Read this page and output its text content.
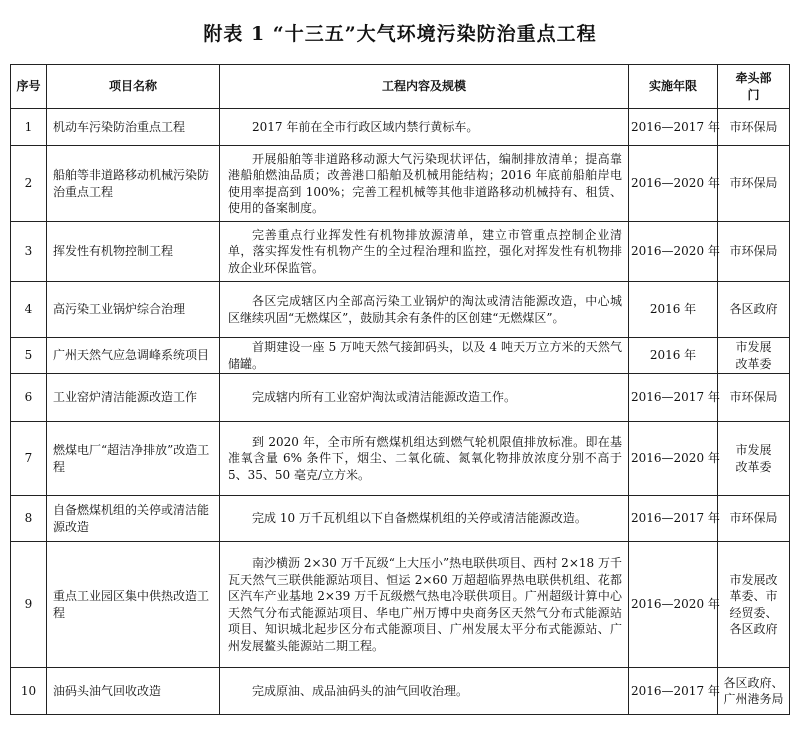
附表 1 “十三五”大气环境污染防治重点工程
序号	项目名称	工程内容及规模	实施年限	牵头部门
1	机动车污染防治重点工程	2017 年前在全市行政区域内禁行黄标车。	2016—2017 年	市环保局
2	船舶等非道路移动机械污染防治重点工程	开展船舶等非道路移动源大气污染现状评估，编制排放清单；提高靠港船舶燃油品质；改善港口船舶及机械用能结构；2016 年底前船舶岸电使用率提高到 100%；完善工程机械等其他非道路移动机械持有、租赁、使用的备案制度。	2016—2020 年	市环保局
3	挥发性有机物控制工程	完善重点行业挥发性有机物排放源清单，建立市管重点控制企业清单，落实挥发性有机物产生的全过程治理和监控，强化对挥发性有机物排放企业环保监管。	2016—2020 年	市环保局
4	高污染工业锅炉综合治理	各区完成辖区内全部高污染工业锅炉的淘汰或清洁能源改造，中心城区继续巩固“无燃煤区”，鼓励其余有条件的区创建“无燃煤区”。	2016 年	各区政府
5	广州天然气应急调峰系统项目	首期建设一座 5 万吨天然气接卸码头，以及 4 吨天万立方米的天然气储罐。	2016 年	市发展改革委
6	工业窑炉清洁能源改造工作	完成辖内所有工业窑炉淘汰或清洁能源改造工作。	2016—2017 年	市环保局
7	燃煤电厂“超洁净排放”改造工程	到 2020 年，全市所有燃煤机组达到燃气轮机限值排放标准。即在基准氧含量 6% 条件下，烟尘、二氧化硫、氮氧化物排放浓度分别不高于 5、35、50 毫克/立方米。	2016—2020 年	市发展改革委
8	自备燃煤机组的关停或清洁能源改造	完成 10 万千瓦机组以下自备燃煤机组的关停或清洁能源改造。	2016—2017 年	市环保局
9	重点工业园区集中供热改造工程	南沙横沥 2×30 万千瓦级“上大压小”热电联供项目、西村 2×18 万千瓦天然气三联供能源站项目、恒运 2×60 万超超临界热电联供机组、花都区汽车产业基地 2×39 万千瓦级燃气热电冷联供项目。广州超级计算中心天然气分布式能源站项目、华电广州万博中央商务区天然气分布式能源站项目、知识城北起步区分布式能源项目、广州发展太平分布式能源站、广州发展鳌头能源站二期工程。	2016—2020 年	市发展改革委、市经贸委、各区政府
10	油码头油气回收改造	完成原油、成品油码头的油气回收治理。	2016—2017 年	各区政府、广州港务局
